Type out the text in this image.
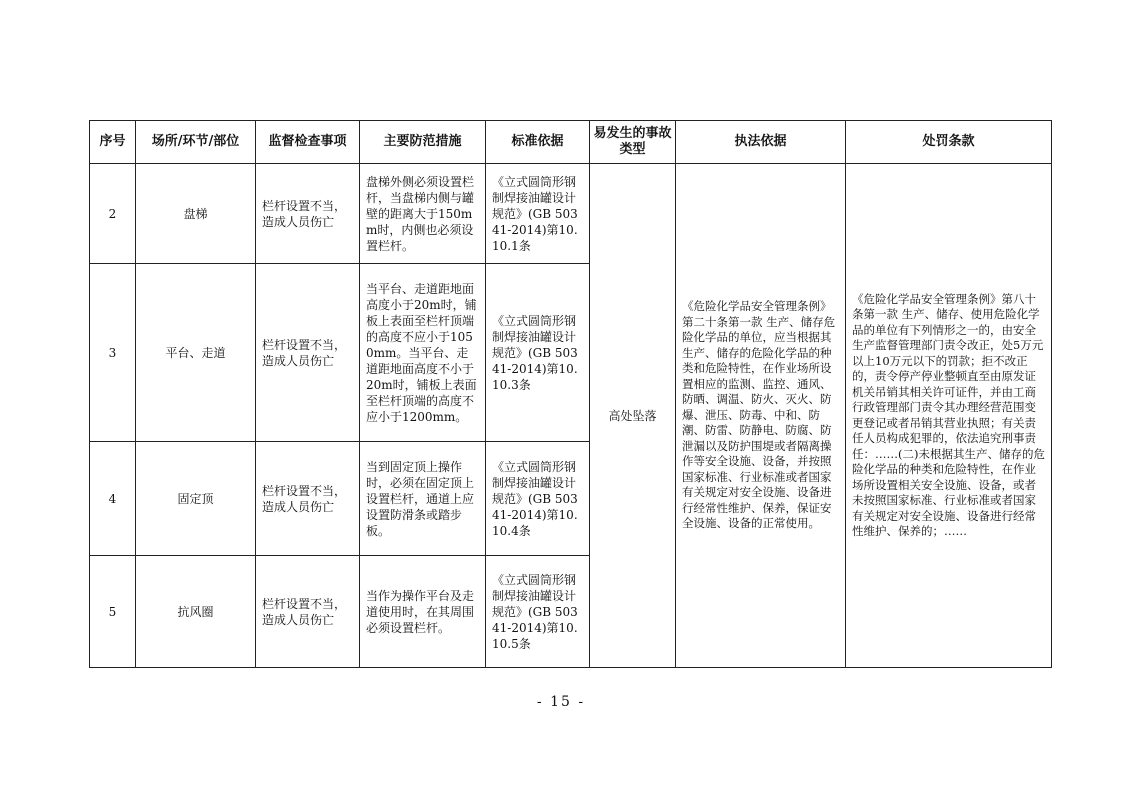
序号	场所/环节/部位	监督检查事项	主要防范措施	标准依据	易发生的事故类型	执法依据	处罚条款
2	盘梯	栏杆设置不当，造成人员伤亡	盘梯外侧必须设置栏杆，当盘梯内侧与罐壁的距离大于150mm时，内侧也必须设置栏杆。	《立式圆筒形钢制焊接油罐设计规范》(GB 50341-2014)第10.10.1条	高处坠落	《危险化学品安全管理条例》第二十条第一款 生产、储存危险化学品的单位，应当根据其生产、储存的危险化学品的种类和危险特性，在作业场所设置相应的监测、监控、通风、防晒、调温、防火、灭火、防爆、泄压、防毒、中和、防潮、防雷、防静电、防腐、防泄漏以及防护围堤或者隔离操作等安全设施、设备，并按照国家标准、行业标准或者国家有关规定对安全设施、设备进行经常性维护、保养，保证安全设施、设备的正常使用。	《危险化学品安全管理条例》第八十条第一款 生产、储存、使用危险化学品的单位有下列情形之一的，由安全生产监督管理部门责令改正，处5万元以上10万元以下的罚款；拒不改正的，责令停产停业整顿直至由原发证机关吊销其相关许可证件，并由工商行政管理部门责令其办理经营范围变更登记或者吊销其营业执照；有关责任人员构成犯罪的，依法追究刑事责任：……(二)未根据其生产、储存的危险化学品的种类和危险特性，在作业场所设置相关安全设施、设备，或者未按照国家标准、行业标准或者国家有关规定对安全设施、设备进行经常性维护、保养的；……
3	平台、走道	栏杆设置不当，造成人员伤亡	当平台、走道距地面高度小于20m时，铺板上表面至栏杆顶端的高度不应小于1050mm。当平台、走道距地面高度不小于20m时，铺板上表面至栏杆顶端的高度不应小于1200mm。	《立式圆筒形钢制焊接油罐设计规范》(GB 50341-2014)第10.10.3条			
4	固定顶	栏杆设置不当，造成人员伤亡	当到固定顶上操作时，必须在固定顶上设置栏杆，通道上应设置防滑条或踏步板。	《立式圆筒形钢制焊接油罐设计规范》(GB 50341-2014)第10.10.4条			
5	抗风圈	栏杆设置不当，造成人员伤亡	当作为操作平台及走道使用时，在其周围必须设置栏杆。	《立式圆筒形钢制焊接油罐设计规范》(GB 50341-2014)第10.10.5条			
- 15 -
